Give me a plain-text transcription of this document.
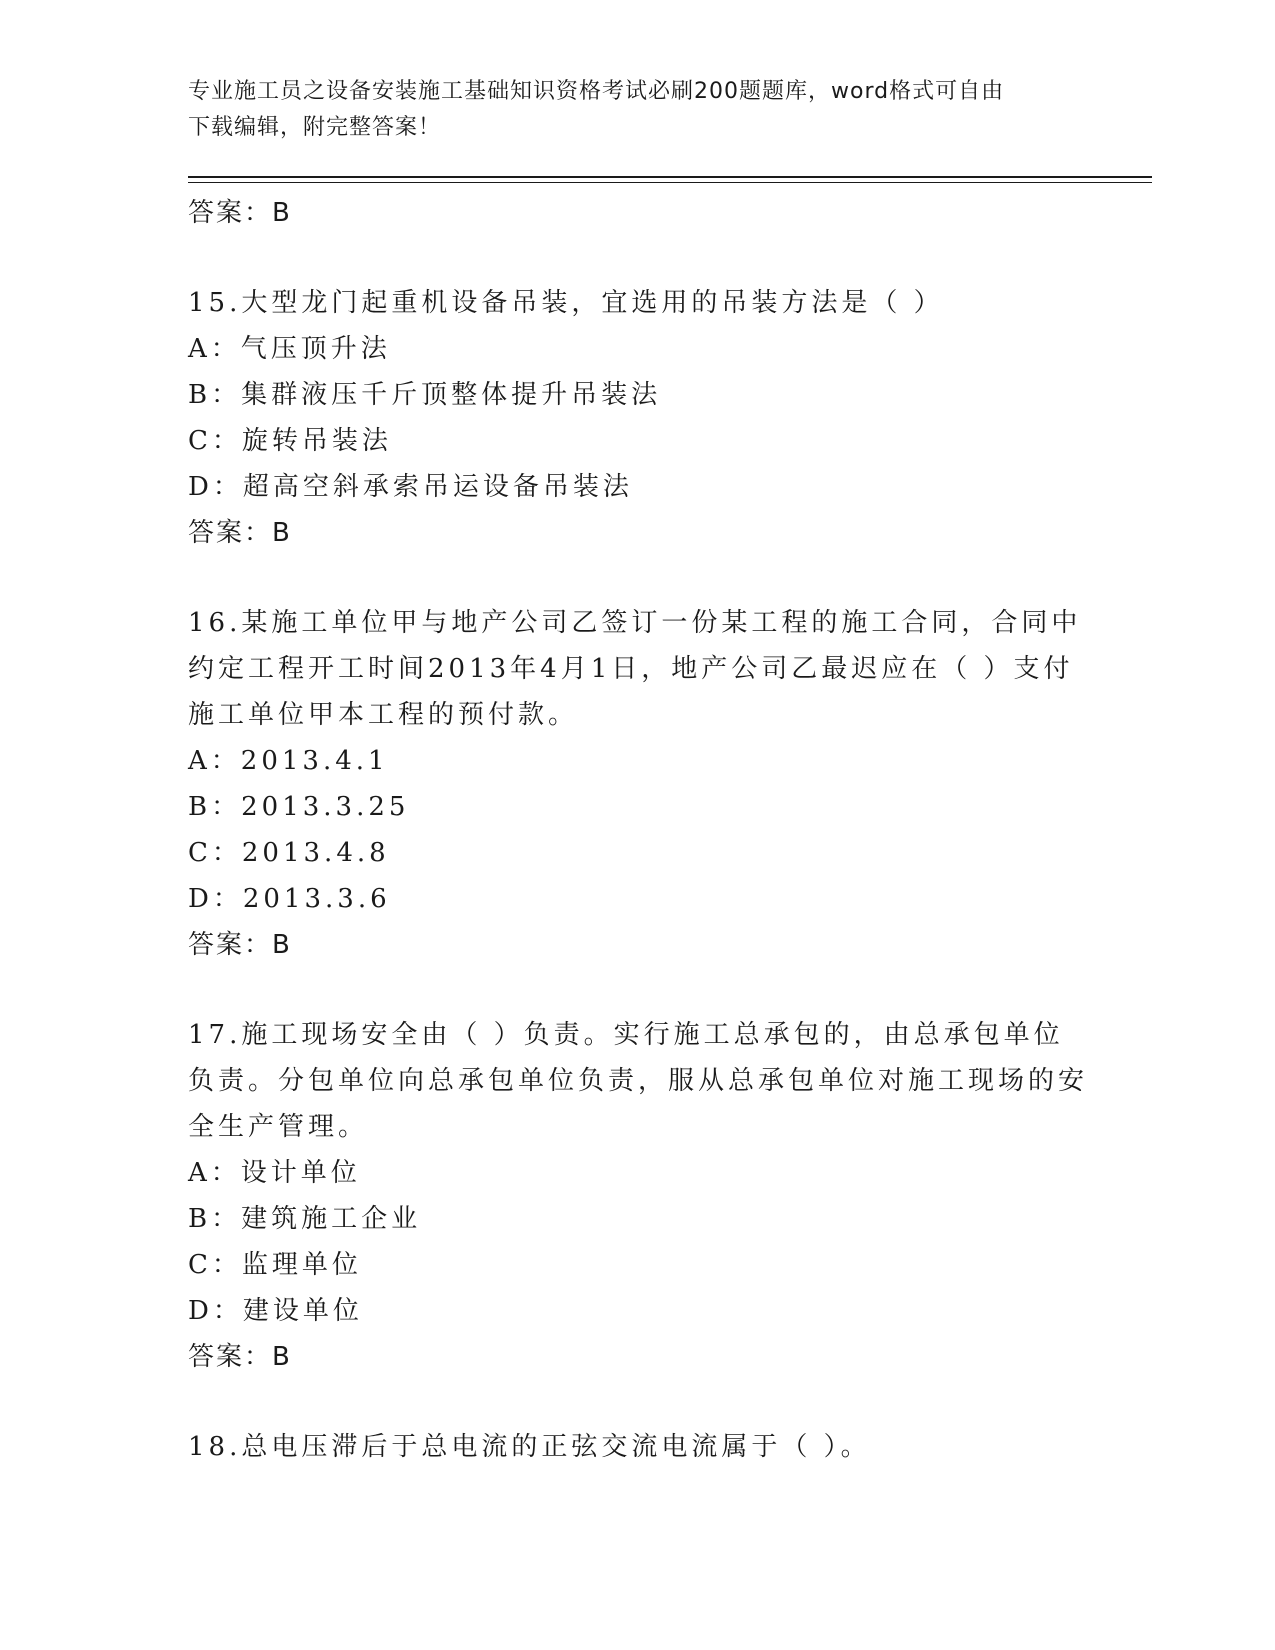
专业施工员之设备安装施工基础知识资格考试必刷200题题库，word格式可自由
下载编辑，附完整答案！
答案：B
15.大型龙门起重机设备吊装，宜选用的吊装方法是（ ）
A：气压顶升法
B：集群液压千斤顶整体提升吊装法
C：旋转吊装法
D：超高空斜承索吊运设备吊装法
答案：B
16.某施工单位甲与地产公司乙签订一份某工程的施工合同，合同中约定工程开工时间2013年4月1日，地产公司乙最迟应在（ ）支付施工单位甲本工程的预付款。
A：2013.4.1
B：2013.3.25
C：2013.4.8
D：2013.3.6
答案：B
17.施工现场安全由（ ）负责。实行施工总承包的，由总承包单位负责。分包单位向总承包单位负责，服从总承包单位对施工现场的安全生产管理。
A：设计单位
B：建筑施工企业
C：监理单位
D：建设单位
答案：B
18.总电压滞后于总电流的正弦交流电流属于（ ）。
